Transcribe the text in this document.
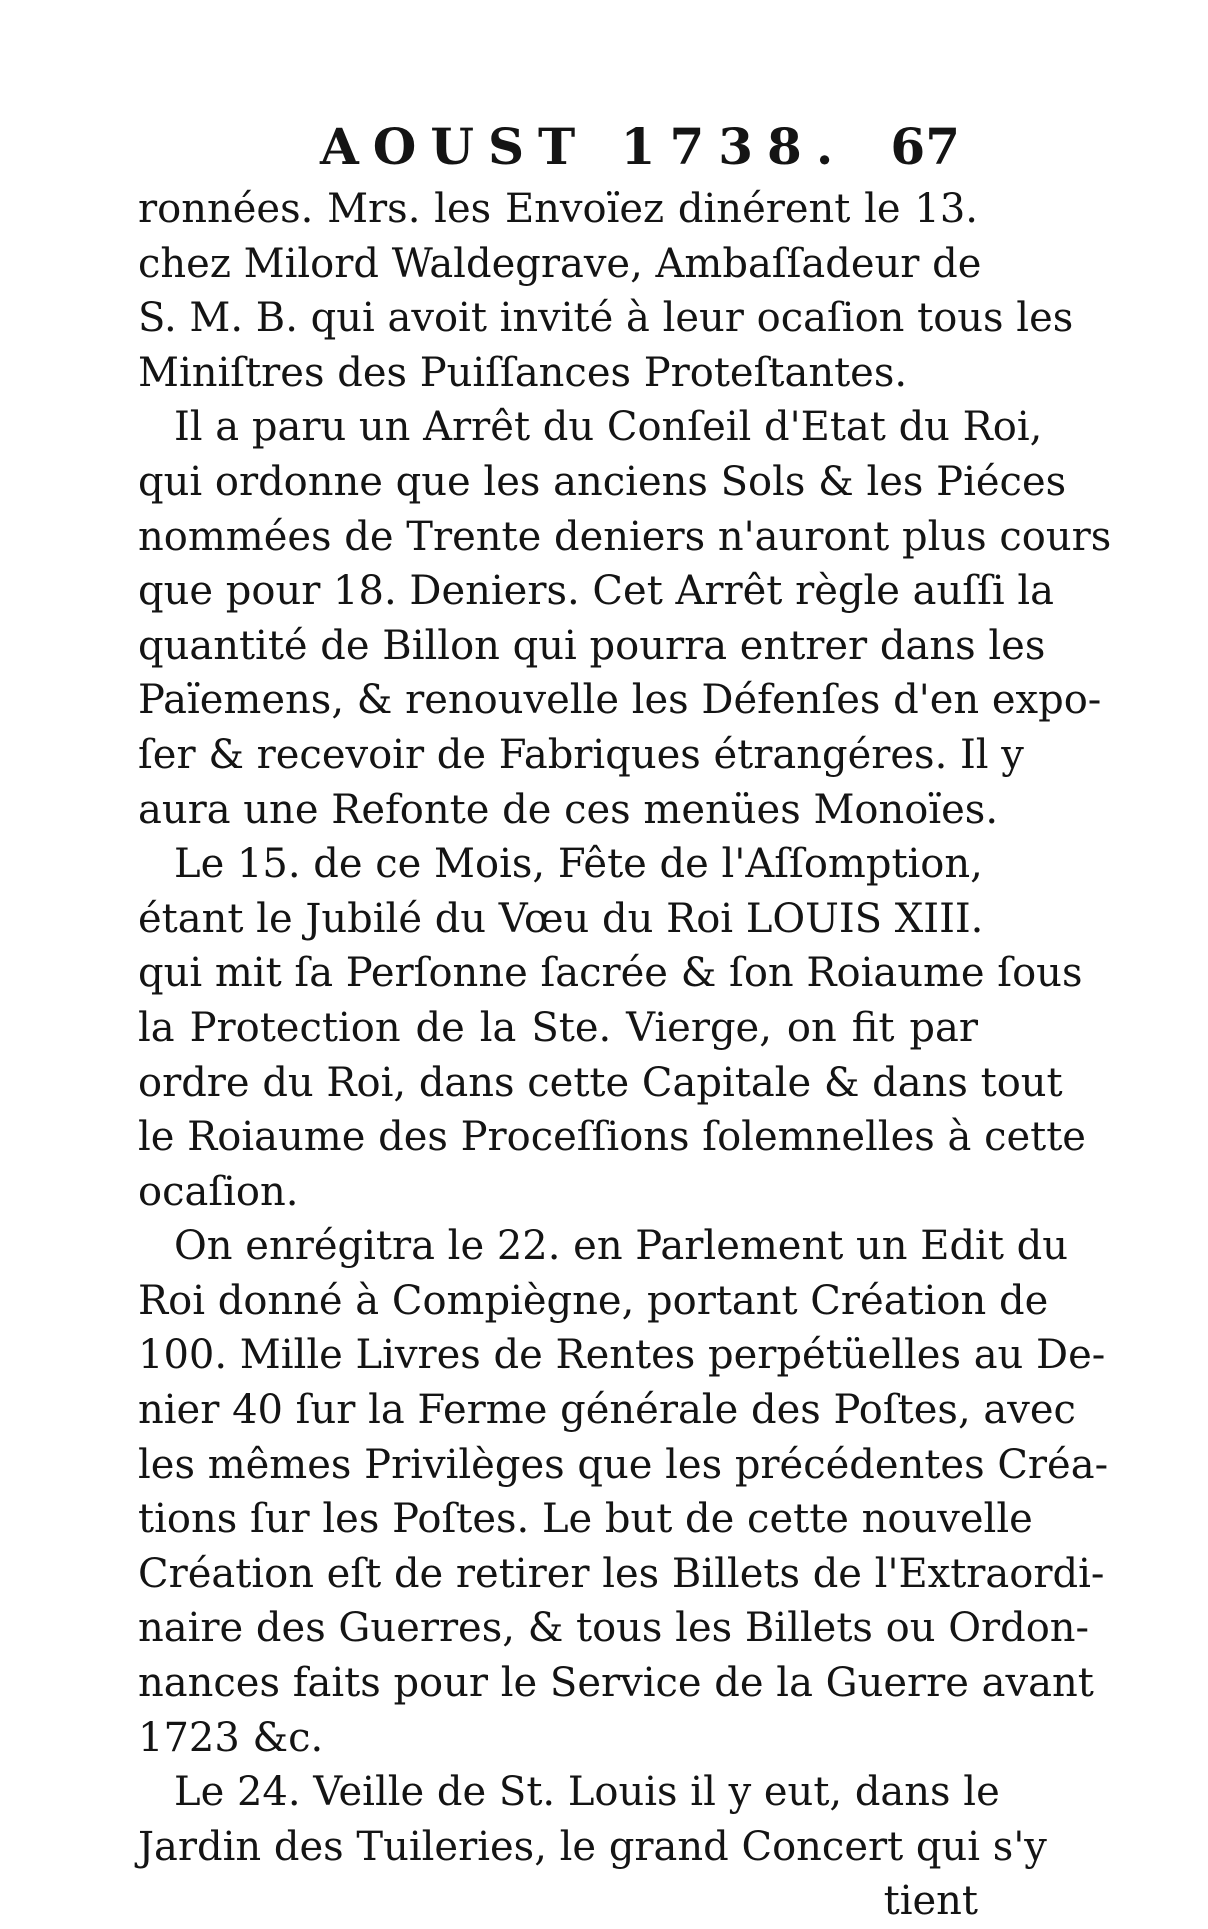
AOUST 1738. 67
ronnées. Mrs. les Envoïez dinérent le 13.
chez Milord Waldegrave, Ambaſſadeur de
S. M. B. qui avoit invité à leur ocaſion tous les
Miniſtres des Puiſſances Proteſtantes.
Il a paru un Arrêt du Conſeil d'Etat du Roi,
qui ordonne que les anciens Sols & les Piéces
nommées de Trente deniers n'auront plus cours
que pour 18. Deniers. Cet Arrêt règle auſſi la
quantité de Billon qui pourra entrer dans les
Païemens, & renouvelle les Défenſes d'en expo-
ſer & recevoir de Fabriques étrangéres. Il y
aura une Refonte de ces menües Monoïes.
Le 15. de ce Mois, Fête de l'Aſſomption,
étant le Jubilé du Vœu du Roi LOUIS XIII.
qui mit ſa Perſonne ſacrée & ſon Roiaume ſous
la Protection de la Ste. Vierge, on fit par
ordre du Roi, dans cette Capitale & dans tout
le Roiaume des Proceſſions ſolemnelles à cette
ocaſion.
On enrégitra le 22. en Parlement un Edit du
Roi donné à Compiègne, portant Création de
100. Mille Livres de Rentes perpétüelles au De-
nier 40 ſur la Ferme générale des Poſtes, avec
les mêmes Privilèges que les précédentes Créa-
tions ſur les Poſtes. Le but de cette nouvelle
Création eſt de retirer les Billets de l'Extraordi-
naire des Guerres, & tous les Billets ou Ordon-
nances faits pour le Service de la Guerre avant
1723 &c.
Le 24. Veille de St. Louis il y eut, dans le
Jardin des Tuileries, le grand Concert qui s'y
tient
